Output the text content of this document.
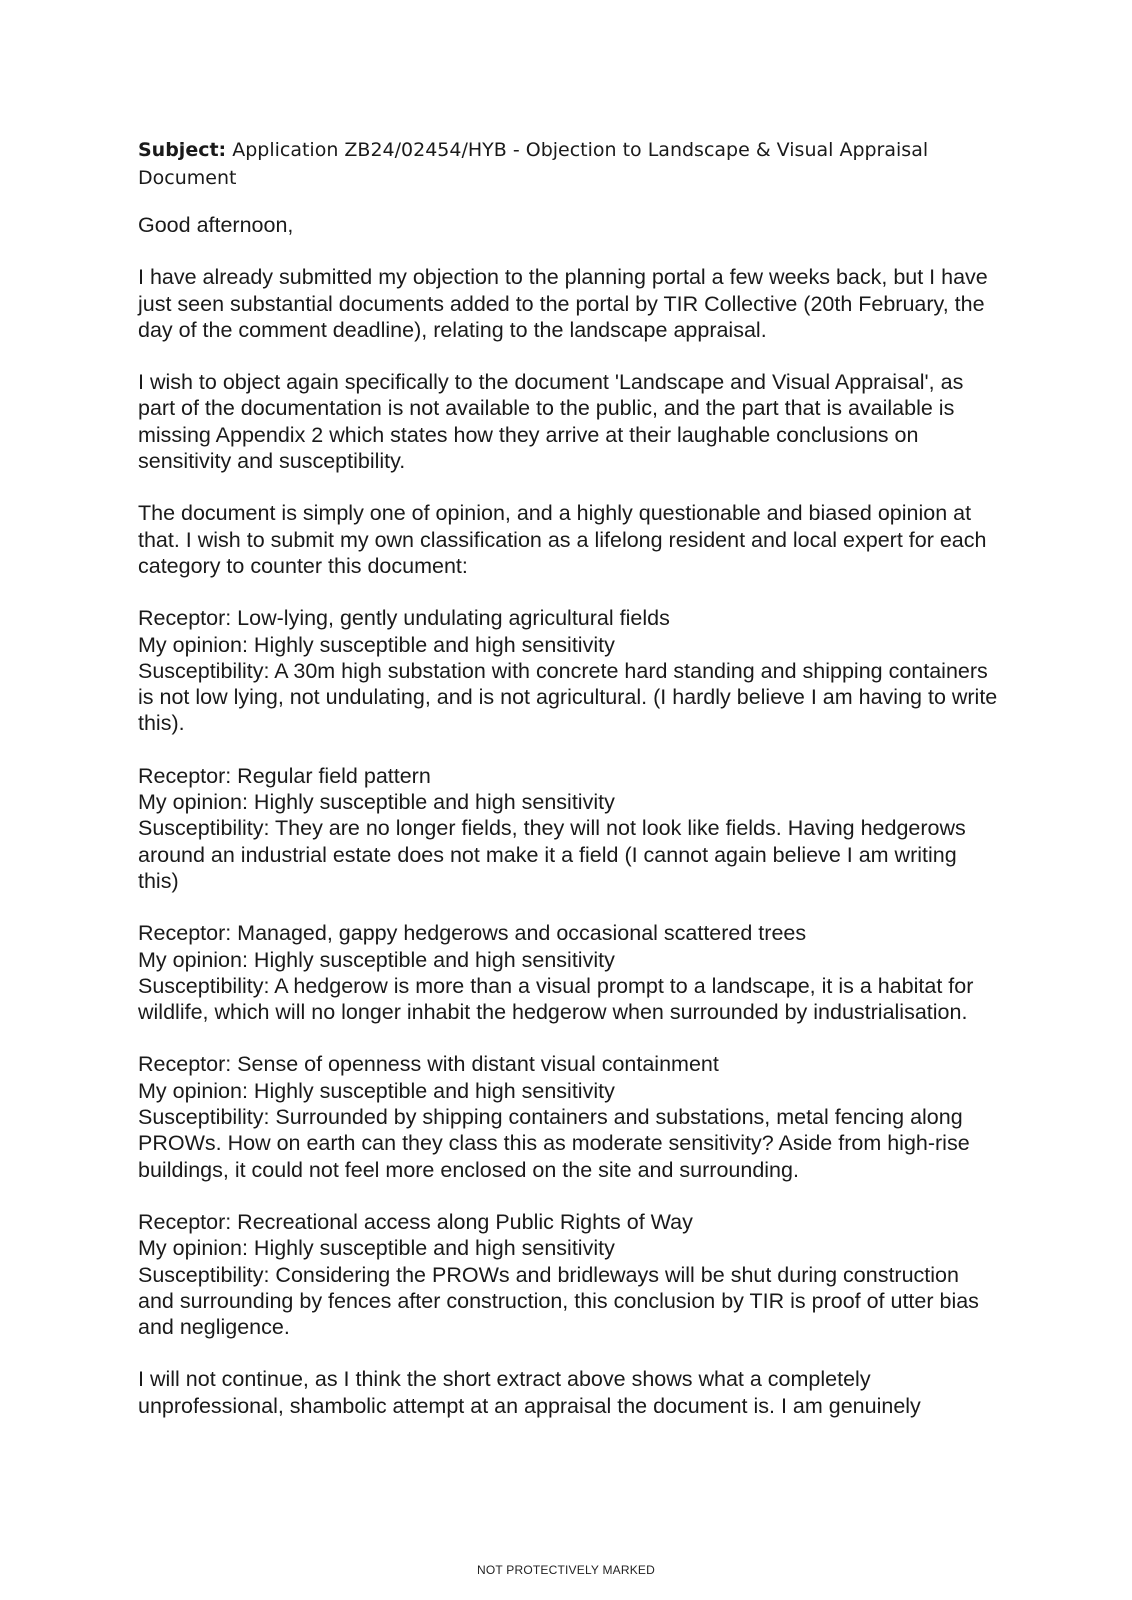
Subject: Application ZB24/02454/HYB - Objection to Landscape & Visual Appraisal Document

Good afternoon,

I have already submitted my objection to the planning portal a few weeks back, but I have just seen substantial documents added to the portal by TIR Collective (20th February, the day of the comment deadline), relating to the landscape appraisal.

I wish to object again specifically to the document 'Landscape and Visual Appraisal', as part of the documentation is not available to the public, and the part that is available is missing Appendix 2 which states how they arrive at their laughable conclusions on sensitivity and susceptibility.

The document is simply one of opinion, and a highly questionable and biased opinion at that. I wish to submit my own classification as a lifelong resident and local expert for each category to counter this document:

Receptor: Low-lying, gently undulating agricultural fields
My opinion: Highly susceptible and high sensitivity
Susceptibility: A 30m high substation with concrete hard standing and shipping containers is not low lying, not undulating, and is not agricultural. (I hardly believe I am having to write this).
Receptor: Regular field pattern
My opinion: Highly susceptible and high sensitivity
Susceptibility: They are no longer fields, they will not look like fields. Having hedgerows around an industrial estate does not make it a field (I cannot again believe I am writing this)
Receptor: Managed, gappy hedgerows and occasional scattered trees
My opinion: Highly susceptible and high sensitivity
Susceptibility: A hedgerow is more than a visual prompt to a landscape, it is a habitat for wildlife, which will no longer inhabit the hedgerow when surrounded by industrialisation.
Receptor: Sense of openness with distant visual containment
My opinion: Highly susceptible and high sensitivity
Susceptibility: Surrounded by shipping containers and substations, metal fencing along PROWs. How on earth can they class this as moderate sensitivity? Aside from high-rise buildings, it could not feel more enclosed on the site and surrounding.
Receptor: Recreational access along Public Rights of Way
My opinion: Highly susceptible and high sensitivity
Susceptibility: Considering the PROWs and bridleways will be shut during construction and surrounding by fences after construction, this conclusion by TIR is proof of utter bias and negligence.

I will not continue, as I think the short extract above shows what a completely unprofessional, shambolic attempt at an appraisal the document is. I am genuinely

NOT PROTECTIVELY MARKED
